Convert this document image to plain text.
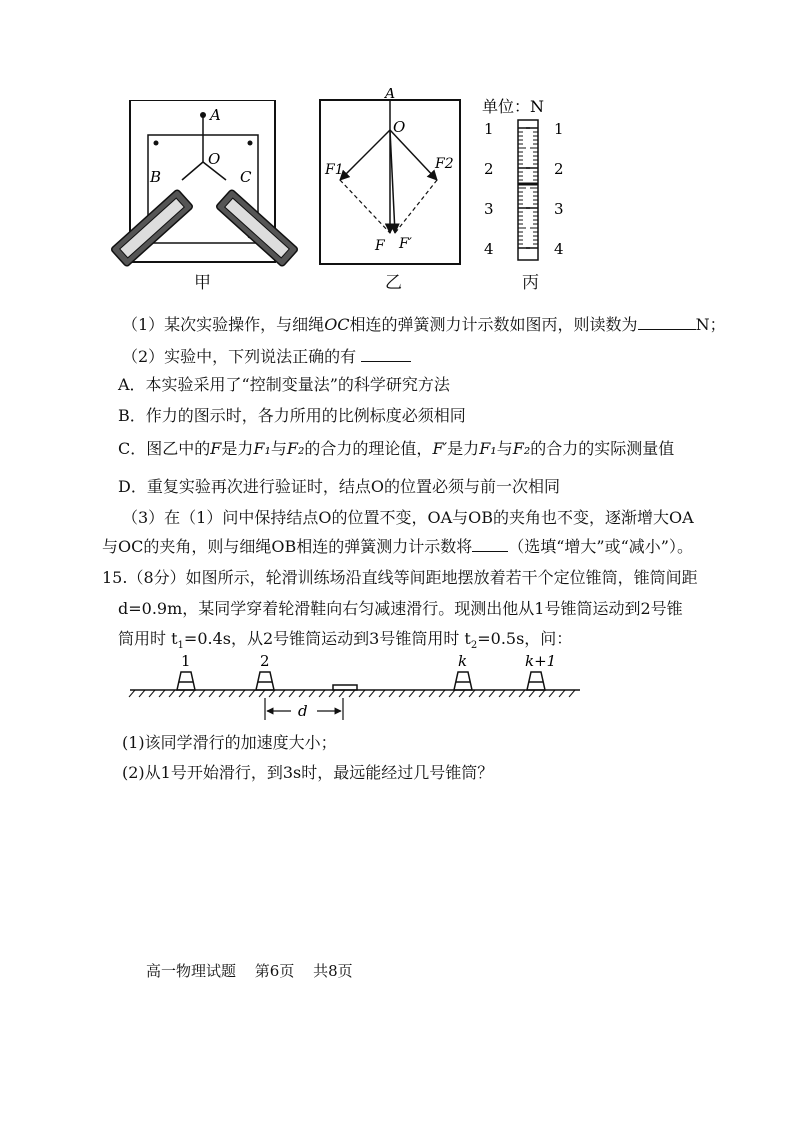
A
O
B	C
甲
A
O
F1	F2
F F′
乙
单位：N
1
2
3
4
1
2
3
4
丙
（1）某次实验操作，与细绳OC相连的弹簧测力计示数如图丙，则读数为	N；
（2）实验中，下列说法正确的有
A．本实验采用了“控制变量法”的科学研究方法
B．作力的图示时，各力所用的比例标度必须相同
C．图乙中的F是力F₁与F₂的合力的理论值，F′是力F₁与F₂的合力的实际测量值
D．重复实验再次进行验证时，结点O的位置必须与前一次相同
（3）在（1）问中保持结点O的位置不变，OA与OB的夹角也不变，逐渐增大OA
与OC的夹角，则与细绳OB相连的弹簧测力计示数将 （选填“增大”或“减小”）。
15.（8分）如图所示，轮滑训练场沿直线等间距地摆放着若干个定位锥筒，锥筒间距
d=0.9m，某同学穿着轮滑鞋向右匀减速滑行。现测出他从1号锥筒运动到2号锥
筒用时 $t_1=0.4s$，从2号锥筒运动到3号锥筒用时 $t_2=0.5s$，问：
1	2	k	k+1
d
(1)该同学滑行的加速度大小；
(2)从1号开始滑行，到3s时，最远能经过几号锥筒？
高一物理试题 第6页 共8页
